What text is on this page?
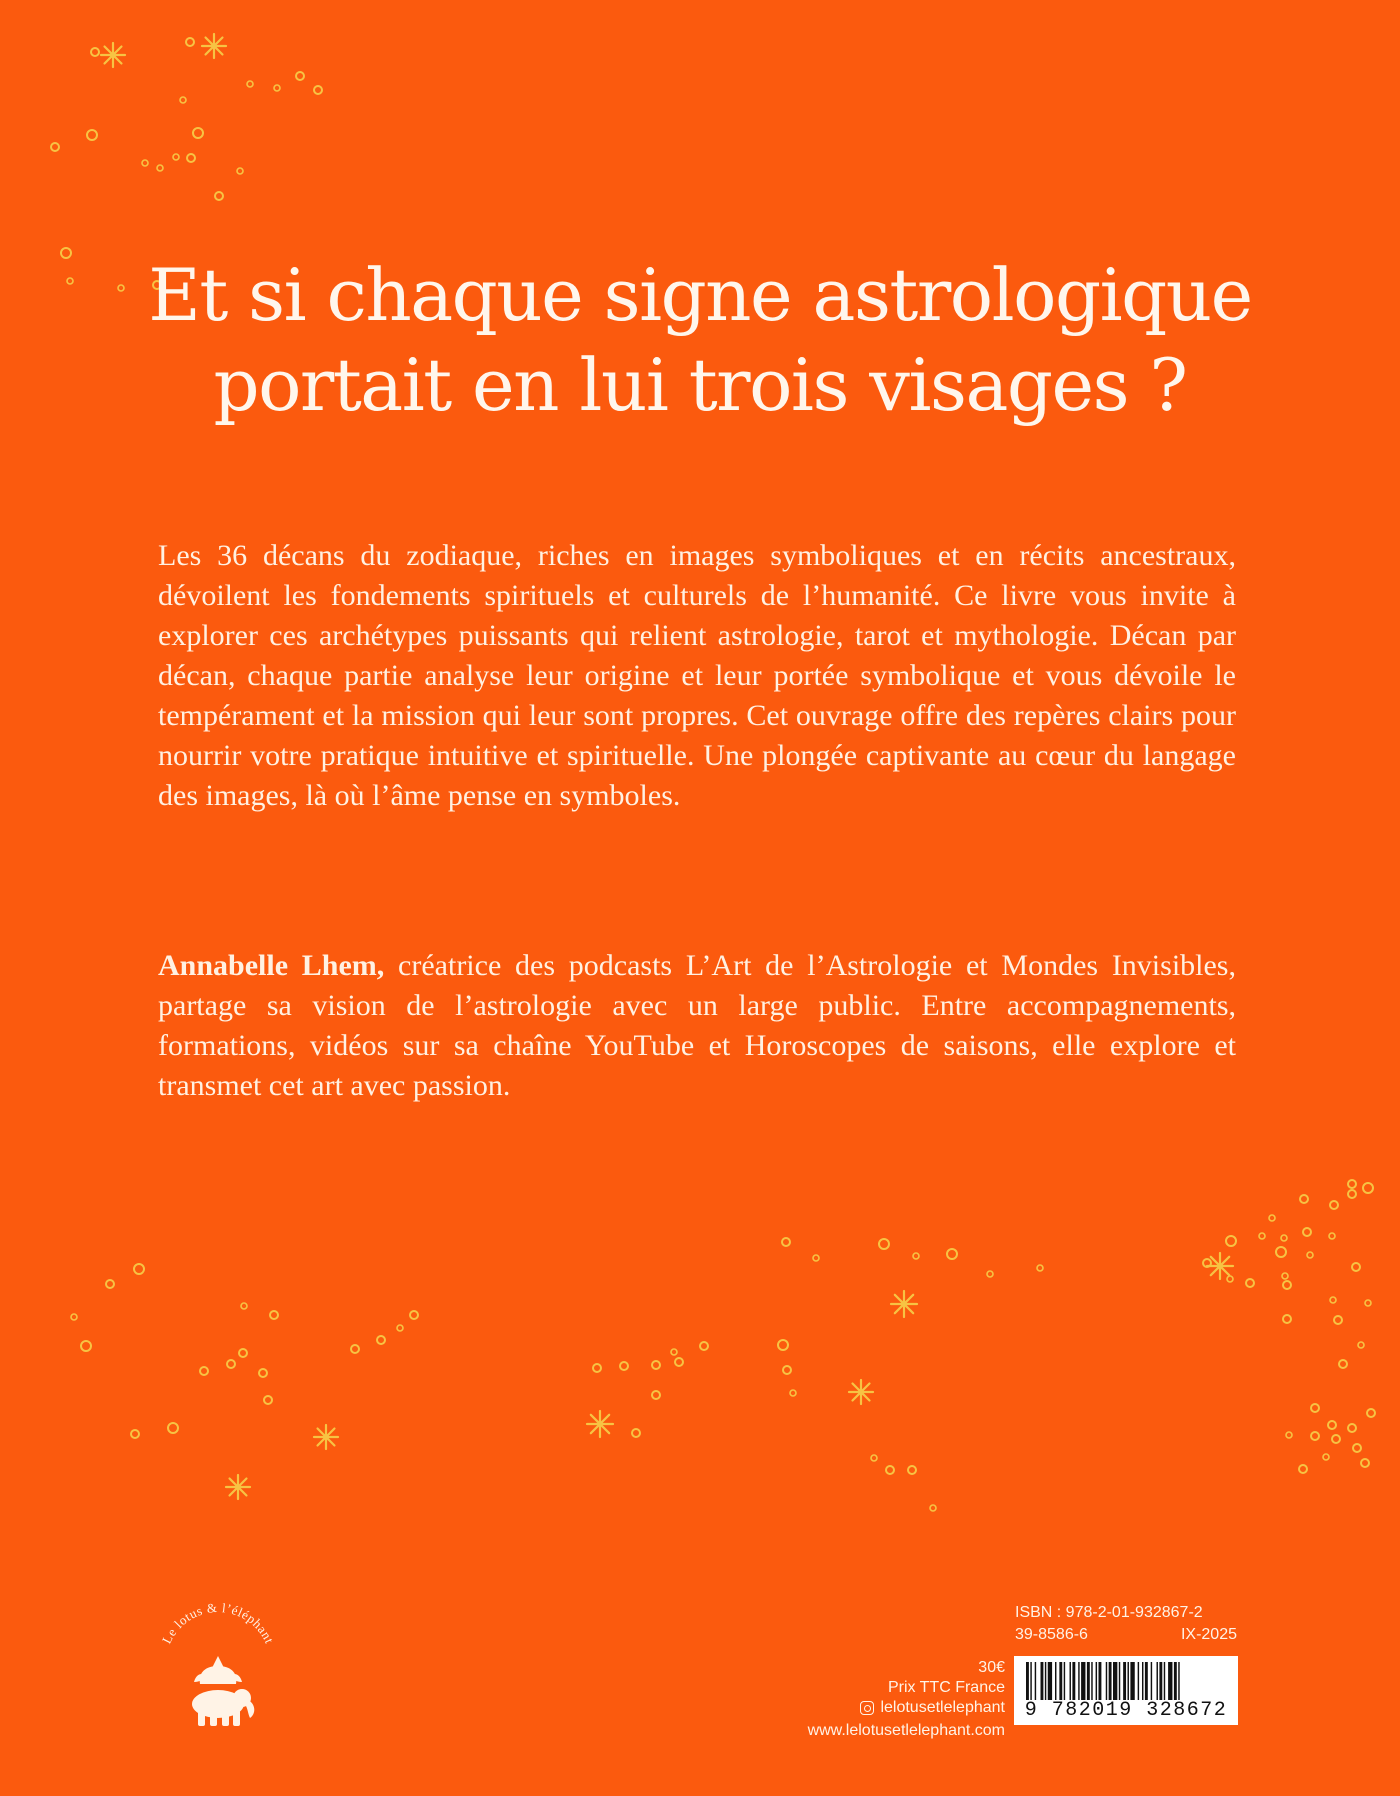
Et si chaque signe astrologique
portait en lui trois visages ?

Les 36 décans du zodiaque, riches en images symboliques et en récits ancestraux, dévoilent les fondements spirituels et culturels de l’humanité. Ce livre vous invite à explorer ces archétypes puissants qui relient astrologie, tarot et mythologie. Décan par décan, chaque partie analyse leur origine et leur portée symbolique et vous dévoile le tempérament et la mission qui leur sont propres. Cet ouvrage offre des repères clairs pour nourrir votre pratique intuitive et spirituelle. Une plongée captivante au cœur du langage des images, là où l’âme pense en symboles.

Annabelle Lhem, créatrice des podcasts L’Art de l’Astrologie et Mondes Invisibles, partage sa vision de l’astrologie avec un large public. Entre accompagnements, formations, vidéos sur sa chaîne YouTube et Horoscopes de saisons, elle explore et transmet cet art avec passion.

Le lotus & l’éléphant
30€
Prix TTC France
lelotusetlelephant
www.lelotusetlelephant.com
ISBN : 978-2-01-932867-2
39-8586-6	IX-2025
9 782019 328672
